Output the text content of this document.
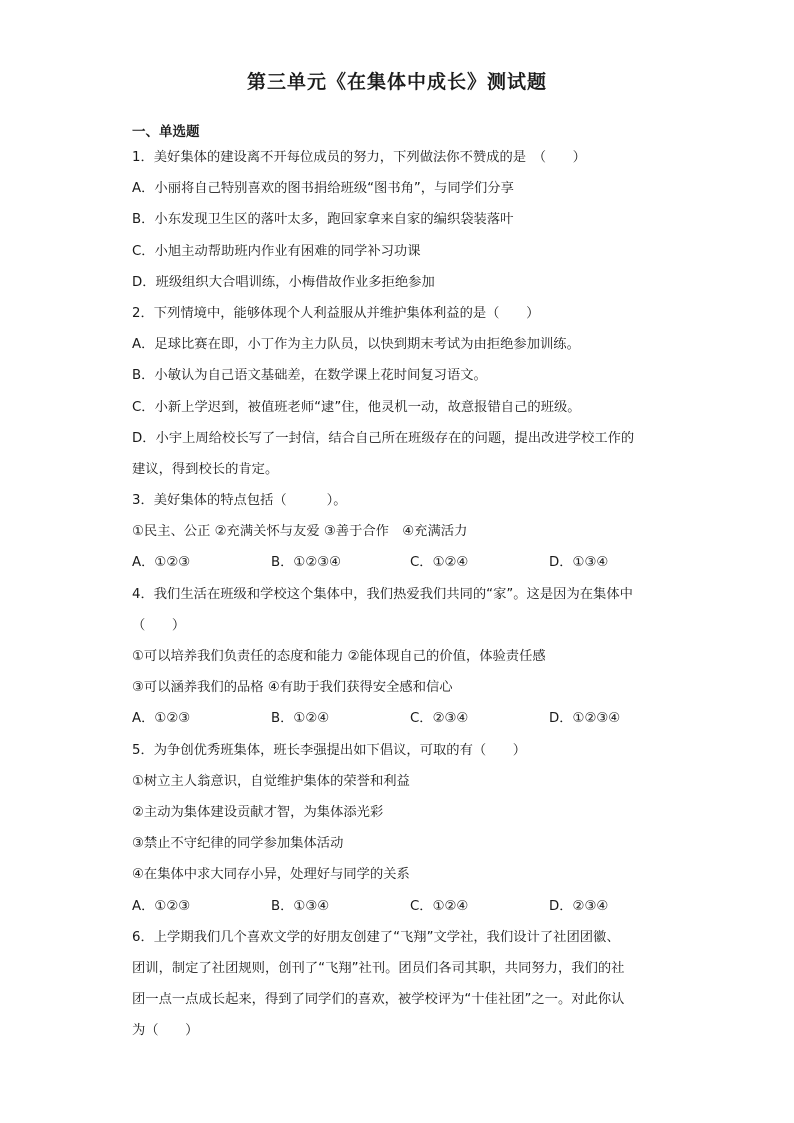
第三单元《在集体中成长》测试题
一、单选题
1．美好集体的建设离不开每位成员的努力，下列做法你不赞成的是　（　　）
A．小丽将自己特别喜欢的图书捐给班级“图书角”，与同学们分享
B．小东发现卫生区的落叶太多，跑回家拿来自家的编织袋装落叶
C．小旭主动帮助班内作业有困难的同学补习功课
D．班级组织大合唱训练，小梅借故作业多拒绝参加
2．下列情境中，能够体现个人利益服从并维护集体利益的是（　　）
A．足球比赛在即，小丁作为主力队员，以快到期末考试为由拒绝参加训练。
B．小敏认为自己语文基础差，在数学课上花时间复习语文。
C．小新上学迟到，被值班老师“逮”住，他灵机一动，故意报错自己的班级。
D．小宇上周给校长写了一封信，结合自己所在班级存在的问题，提出改进学校工作的
建议，得到校长的肯定。
3．美好集体的特点包括（　　　）。
①民主、公正 ②充满关怀与友爱 ③善于合作　④充满活力
A．①②③	B．①②③④	C．①②④	D．①③④
4．我们生活在班级和学校这个集体中，我们热爱我们共同的“家”。这是因为在集体中
（　　）
①可以培养我们负责任的态度和能力 ②能体现自己的价值，体验责任感
③可以涵养我们的品格 ④有助于我们获得安全感和信心
A．①②③	B．①②④	C．②③④	D．①②③④
5．为争创优秀班集体，班长李强提出如下倡议，可取的有（　　）
①树立主人翁意识，自觉维护集体的荣誉和利益
②主动为集体建设贡献才智，为集体添光彩
③禁止不守纪律的同学参加集体活动
④在集体中求大同存小异，处理好与同学的关系
A．①②③	B．①③④	C．①②④	D．②③④
6．上学期我们几个喜欢文学的好朋友创建了“飞翔”文学社，我们设计了社团团徽、
团训，制定了社团规则，创刊了“飞翔”社刊。团员们各司其职，共同努力，我们的社
团一点一点成长起来，得到了同学们的喜欢，被学校评为“十佳社团”之一。对此你认
为（　　）
